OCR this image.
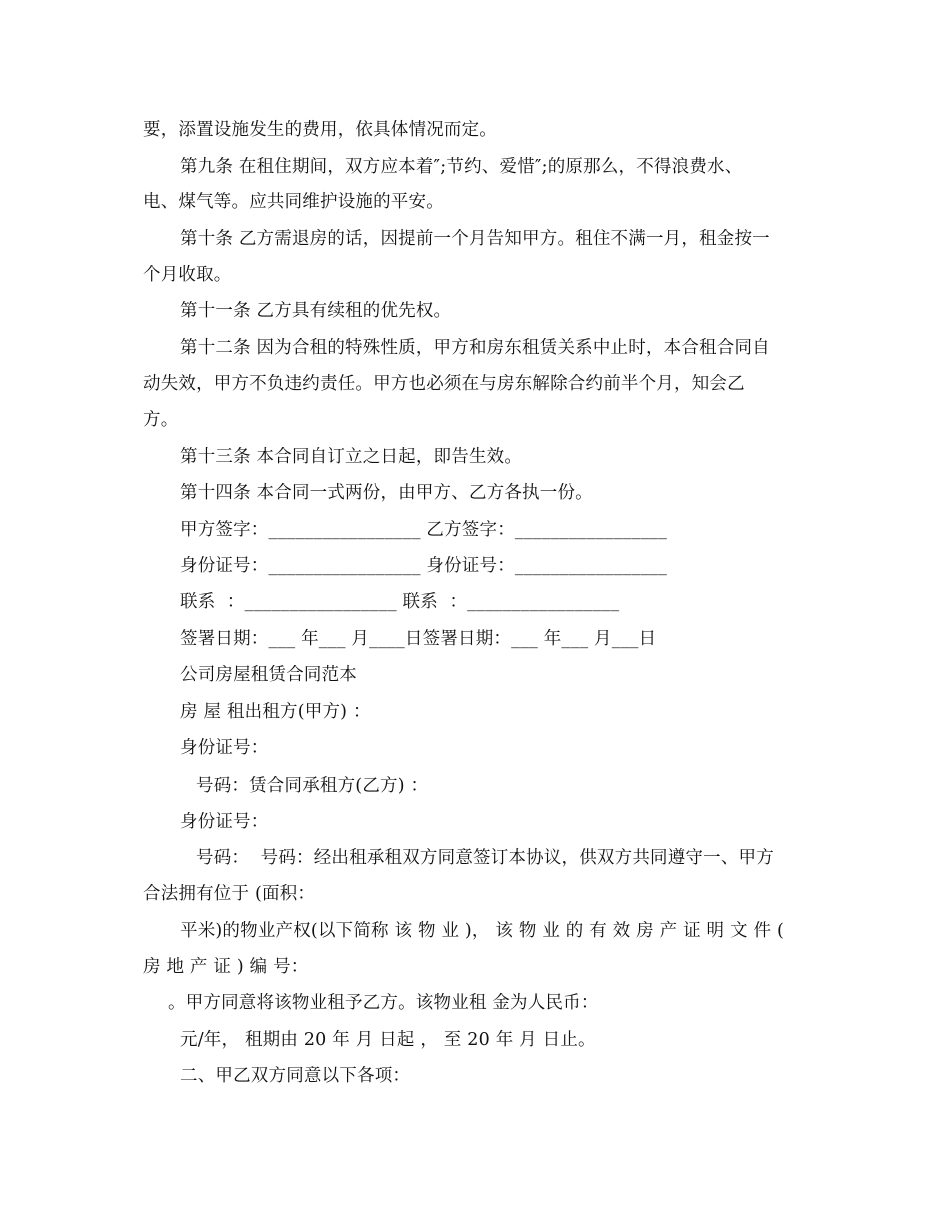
要，添置设施发生的费用，依具体情况而定。
第九条 在租住期间，双方应本着″;节约、爱惜″;的原那么，不得浪费水、
电、煤气等。应共同维护设施的平安。
第十条 乙方需退房的话，因提前一个月告知甲方。租住不满一月，租金按一
个月收取。
第十一条 乙方具有续租的优先权。
第十二条 因为合租的特殊性质，甲方和房东租赁关系中止时，本合租合同自
动失效，甲方不负违约责任。甲方也必须在与房东解除合约前半个月，知会乙
方。
第十三条 本合同自订立之日起，即告生效。
第十四条 本合同一式两份，由甲方、乙方各执一份。
甲方签字：_________________ 乙方签字：_________________
身份证号：_________________ 身份证号：_________________
联系  ：_________________ 联系  ：_________________
签署日期：___ 年___ 月____日签署日期：___ 年___ 月___日
公司房屋租赁合同范本
房 屋 租出租方(甲方) ：
身份证号：
号码：赁合同承租方(乙方) ：
身份证号：
号码：  号码：经出租承租双方同意签订本协议，供双方共同遵守一、甲方
合法拥有位于 (面积：
平米)的物业产权(以下简称 该 物 业 )， 该 物 业 的 有 效 房 产 证 明 文 件 (
房 地 产 证 ) 编 号：
。甲方同意将该物业租予乙方。该物业租 金为人民币：
元/年， 租期由 20 年 月 日起 ， 至 20 年 月 日止。
二、甲乙双方同意以下各项：
